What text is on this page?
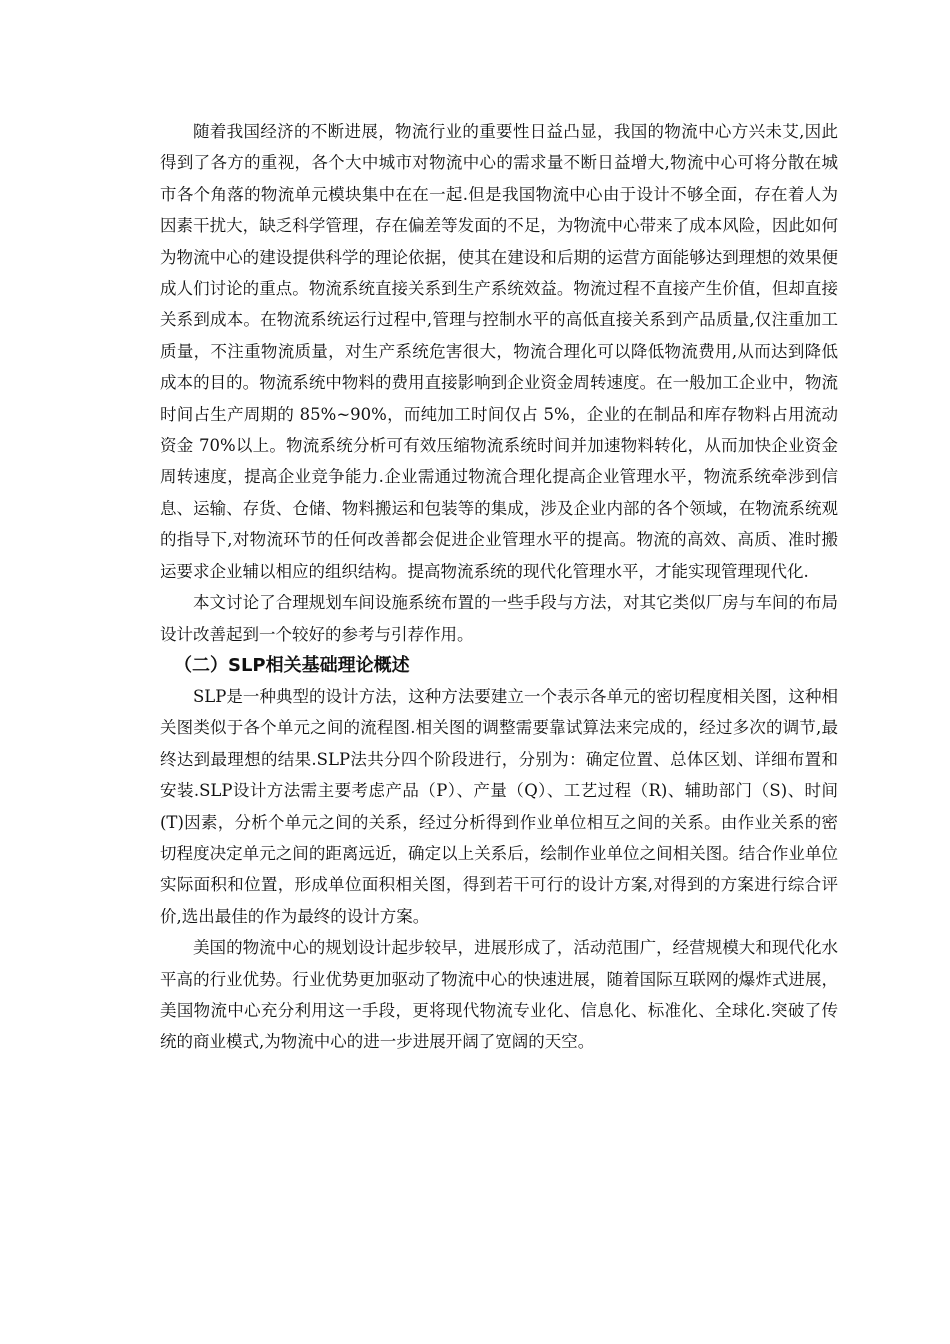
随着我国经济的不断进展，物流行业的重要性日益凸显，我国的物流中心方兴未艾,因此得到了各方的重视，各个大中城市对物流中心的需求量不断日益增大,物流中心可将分散在城市各个角落的物流单元模块集中在在一起.但是我国物流中心由于设计不够全面，存在着人为因素干扰大，缺乏科学管理，存在偏差等发面的不足，为物流中心带来了成本风险，因此如何为物流中心的建设提供科学的理论依据，使其在建设和后期的运营方面能够达到理想的效果便成人们讨论的重点。物流系统直接关系到生产系统效益。物流过程不直接产生价值，但却直接关系到成本。在物流系统运行过程中,管理与控制水平的高低直接关系到产品质量,仅注重加工质量，不注重物流质量，对生产系统危害很大，物流合理化可以降低物流费用,从而达到降低成本的目的。物流系统中物料的费用直接影响到企业资金周转速度。在一般加工企业中，物流时间占生产周期的 85%~90%，而纯加工时间仅占 5%，企业的在制品和库存物料占用流动资金 70%以上。物流系统分析可有效压缩物流系统时间并加速物料转化，从而加快企业资金周转速度，提高企业竞争能力.企业需通过物流合理化提高企业管理水平，物流系统牵涉到信息、运输、存货、仓储、物料搬运和包装等的集成，涉及企业内部的各个领域，在物流系统观的指导下,对物流环节的任何改善都会促进企业管理水平的提高。物流的高效、高质、准时搬运要求企业辅以相应的组织结构。提高物流系统的现代化管理水平，才能实现管理现代化.

本文讨论了合理规划车间设施系统布置的一些手段与方法，对其它类似厂房与车间的布局设计改善起到一个较好的参考与引荐作用。

（二）SLP相关基础理论概述

SLP是一种典型的设计方法，这种方法要建立一个表示各单元的密切程度相关图，这种相关图类似于各个单元之间的流程图.相关图的调整需要靠试算法来完成的，经过多次的调节,最终达到最理想的结果.SLP法共分四个阶段进行，分别为：确定位置、总体区划、详细布置和安装.SLP设计方法需主要考虑产品（P）、产量（Q）、工艺过程（R)、辅助部门（S)、时间(T)因素，分析个单元之间的关系，经过分析得到作业单位相互之间的关系。由作业关系的密切程度决定单元之间的距离远近，确定以上关系后，绘制作业单位之间相关图。结合作业单位实际面积和位置，形成单位面积相关图，得到若干可行的设计方案,对得到的方案进行综合评价,选出最佳的作为最终的设计方案。

美国的物流中心的规划设计起步较早，进展形成了，活动范围广，经营规模大和现代化水平高的行业优势。行业优势更加驱动了物流中心的快速进展，随着国际互联网的爆炸式进展，美国物流中心充分利用这一手段，更将现代物流专业化、信息化、标准化、全球化.突破了传统的商业模式,为物流中心的进一步进展开阔了宽阔的天空。
